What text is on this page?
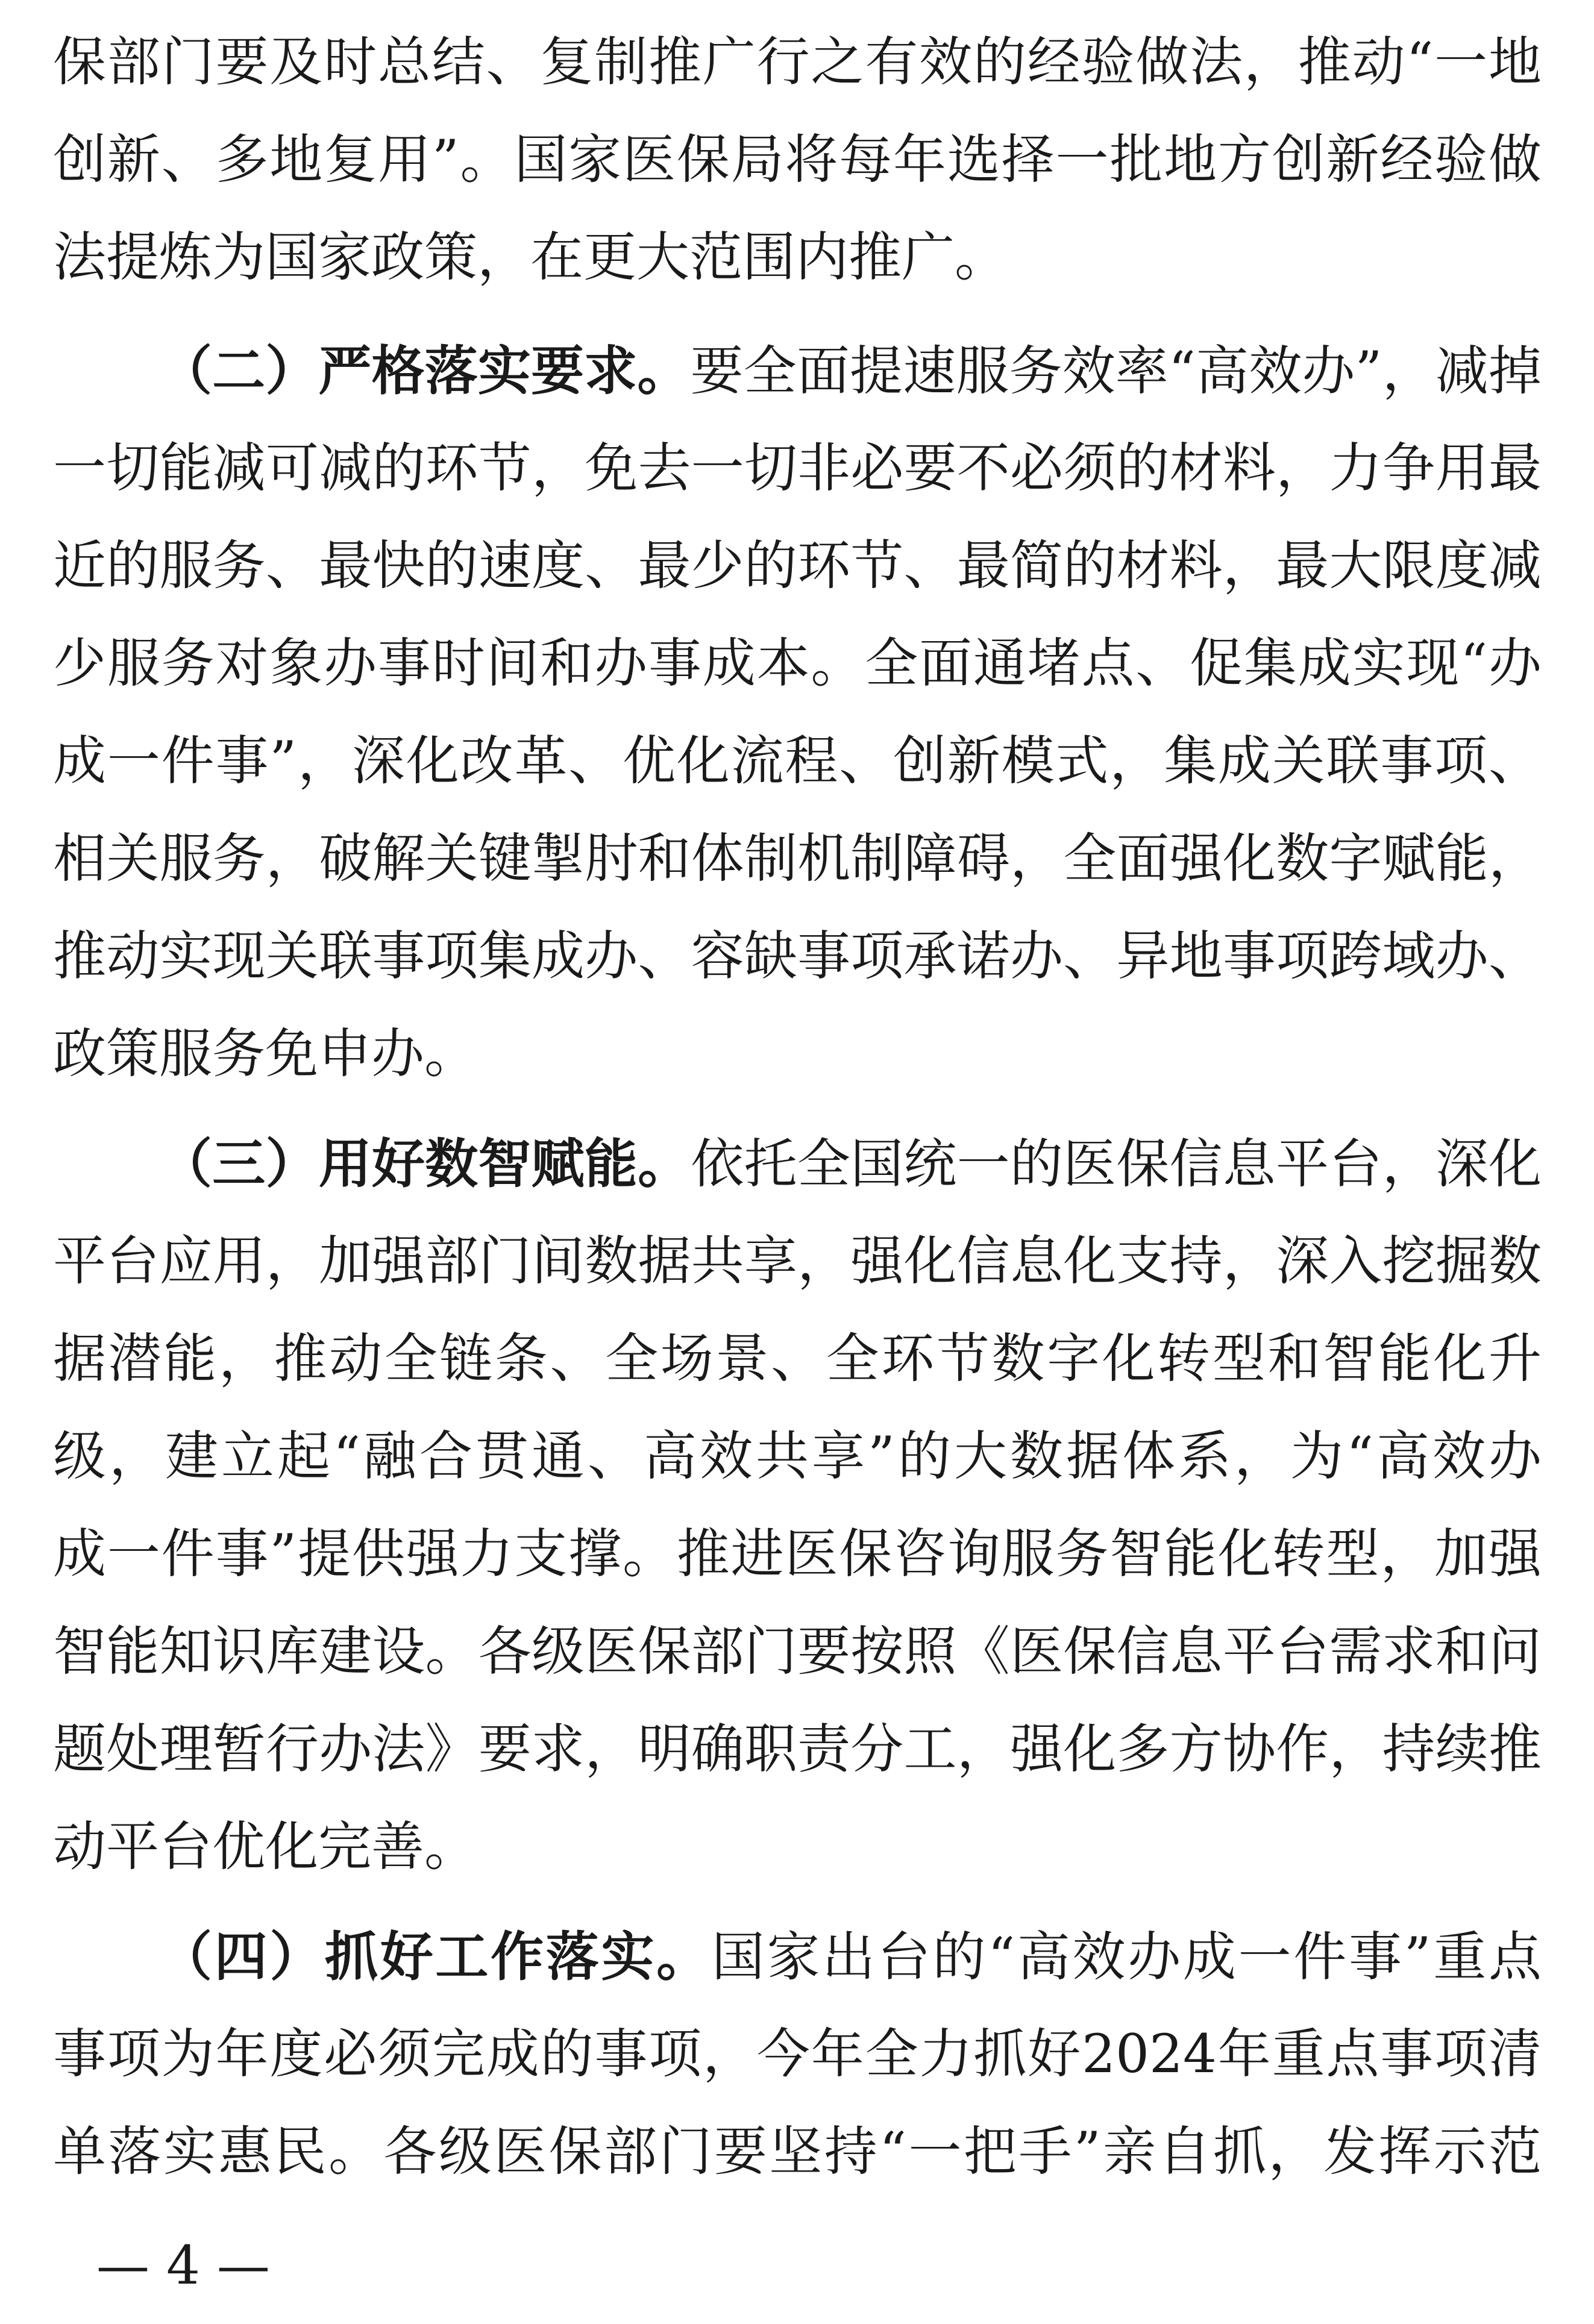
保部门要及时总结、复制推广行之有效的经验做法，推动“一地
创新、多地复用”。国家医保局将每年选择一批地方创新经验做
法提炼为国家政策，在更大范围内推广。
（二）严格落实要求。要全面提速服务效率“高效办”，减掉
一切能减可减的环节，免去一切非必要不必须的材料，力争用最
近的服务、最快的速度、最少的环节、最简的材料，最大限度减
少服务对象办事时间和办事成本。全面通堵点、促集成实现“办
成一件事”，深化改革、优化流程、创新模式，集成关联事项、
相关服务，破解关键掣肘和体制机制障碍，全面强化数字赋能，
推动实现关联事项集成办、容缺事项承诺办、异地事项跨域办、
政策服务免申办。
（三）用好数智赋能。依托全国统一的医保信息平台，深化
平台应用，加强部门间数据共享，强化信息化支持，深入挖掘数
据潜能，推动全链条、全场景、全环节数字化转型和智能化升
级，建立起“融合贯通、高效共享”的大数据体系，为“高效办
成一件事”提供强力支撑。推进医保咨询服务智能化转型，加强
智能知识库建设。各级医保部门要按照《医保信息平台需求和问
题处理暂行办法》要求，明确职责分工，强化多方协作，持续推
动平台优化完善。
（四）抓好工作落实。国家出台的“高效办成一件事”重点
事项为年度必须完成的事项，今年全力抓好2024年重点事项清
单落实惠民。各级医保部门要坚持“一把手”亲自抓，发挥示范
— 4 —
